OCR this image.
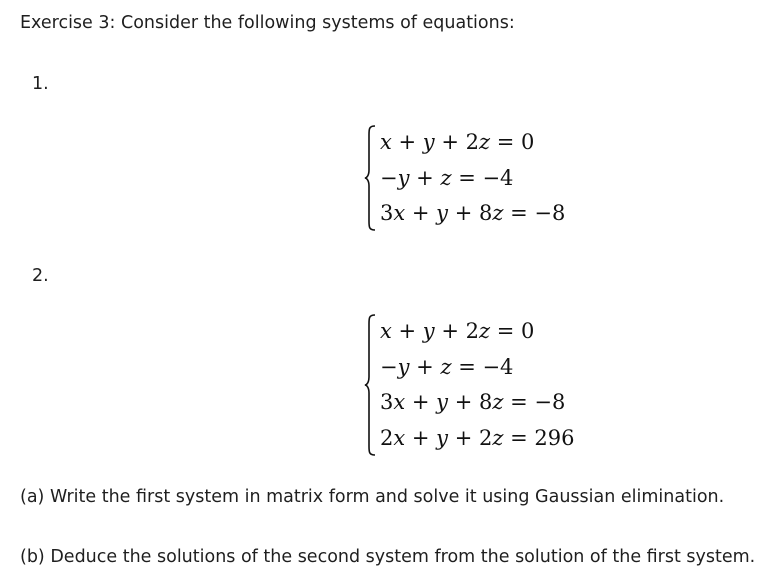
Exercise 3: Consider the following systems of equations:
1.
x + y + 2z = 0
−y + z = −4
3x + y + 8z = −8
2.
x + y + 2z = 0
−y + z = −4
3x + y + 8z = −8
2x + y + 2z = 296
(a) Write the first system in matrix form and solve it using Gaussian elimination.
(b) Deduce the solutions of the second system from the solution of the first system.
